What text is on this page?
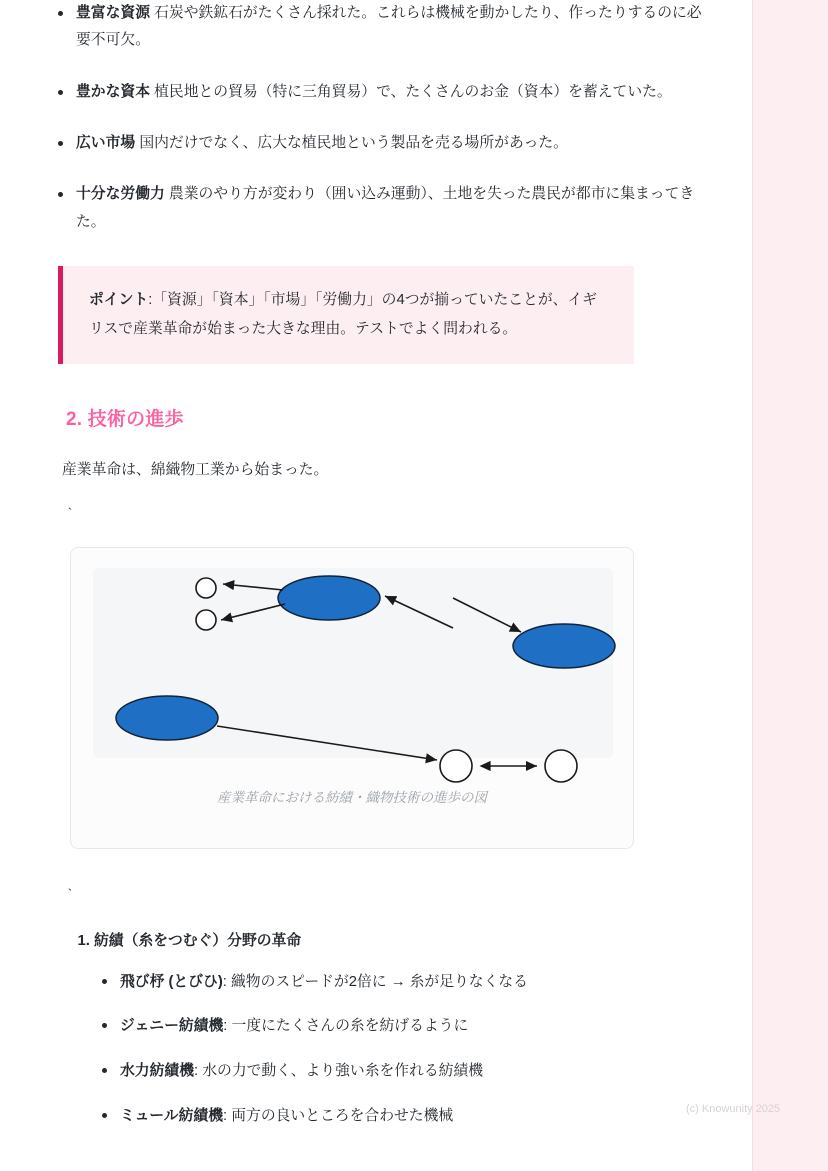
豊富な資源 石炭や鉄鉱石がたくさん採れた。これらは機械を動かしたり、作ったりするのに必要不可欠。
豊かな資本 植民地との貿易（特に三角貿易）で、たくさんのお金（資本）を蓄えていた。
広い市場 国内だけでなく、広大な植民地という製品を売る場所があった。
十分な労働力 農業のやり方が変わり（囲い込み運動）、土地を失った農民が都市に集まってきた。

ポイント:「資源」「資本」「市場」「労働力」の4つが揃っていたことが、イギリスで産業革命が始まった大きな理由。テストでよく問われる。

2. 技術の進歩

産業革命は、綿織物工業から始まった。

`
産業革命における紡績・織物技術の進歩の図
`
1. 紡績（糸をつむぐ）分野の革命
飛び杼 (とびひ): 織物のスピードが2倍に → 糸が足りなくなる
ジェニー紡績機: 一度にたくさんの糸を紡げるように
水力紡績機: 水の力で動く、より強い糸を作れる紡績機
ミュール紡績機: 両方の良いところを合わせた機械	(c) Knowunity 2025
